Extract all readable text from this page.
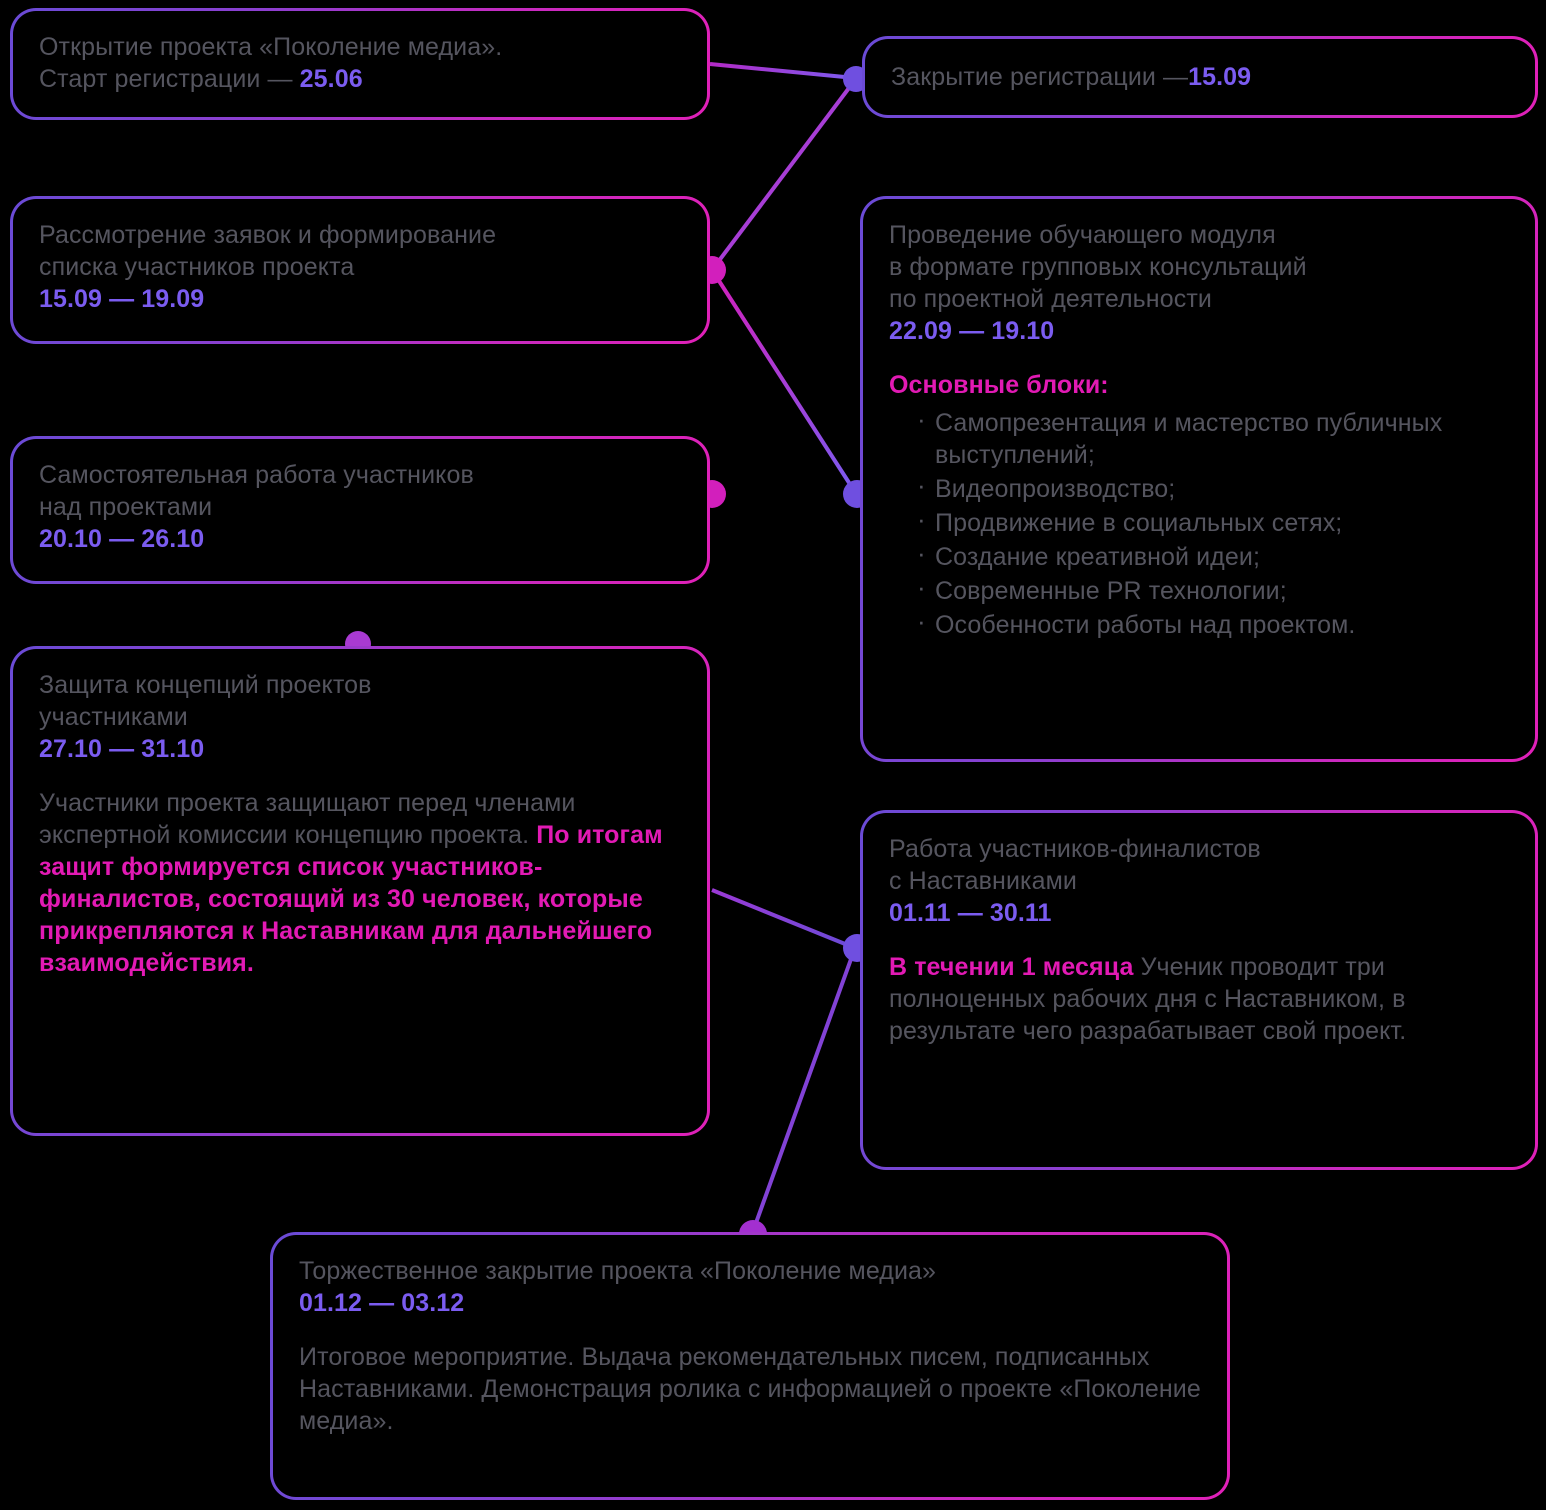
Открытие проекта «Поколение медиа».
Старт регистрации — 25.06	Закрытие регистрации — 15.09
Рассмотрение заявок и формирование
списка участников проекта
15.09 — 19.09
Проведение обучающего модуля
в формате групповых консультаций
по проектной деятельности
22.09 — 19.10
Основные блоки:
· Самопрезентация и мастерство публичных выступлений;
· Видеопроизводство;
· Продвижение в социальных сетях;
· Создание креативной идеи;
· Современные PR технологии;
· Особенности работы над проектом.
Самостоятельная работа участников
над проектами
20.10 — 26.10
Защита концепций проектов
участниками
27.10 — 31.10
Участники проекта защищают перед членами экспертной комиссии концепцию проекта. По итогам защит формируется список участников-финалистов, состоящий из 30 человек, которые прикрепляются к Наставникам для дальнейшего взаимодействия.
Работа участников-финалистов
с Наставниками
01.11 — 30.11
В течении 1 месяца Ученик проводит три полноценных рабочих дня с Наставником, в результате чего разрабатывает свой проект.
Торжественное закрытие проекта «Поколение медиа»
01.12 — 03.12
Итоговое мероприятие. Выдача рекомендательных писем, подписанных Наставниками. Демонстрация ролика с информацией о проекте «Поколение медиа».
